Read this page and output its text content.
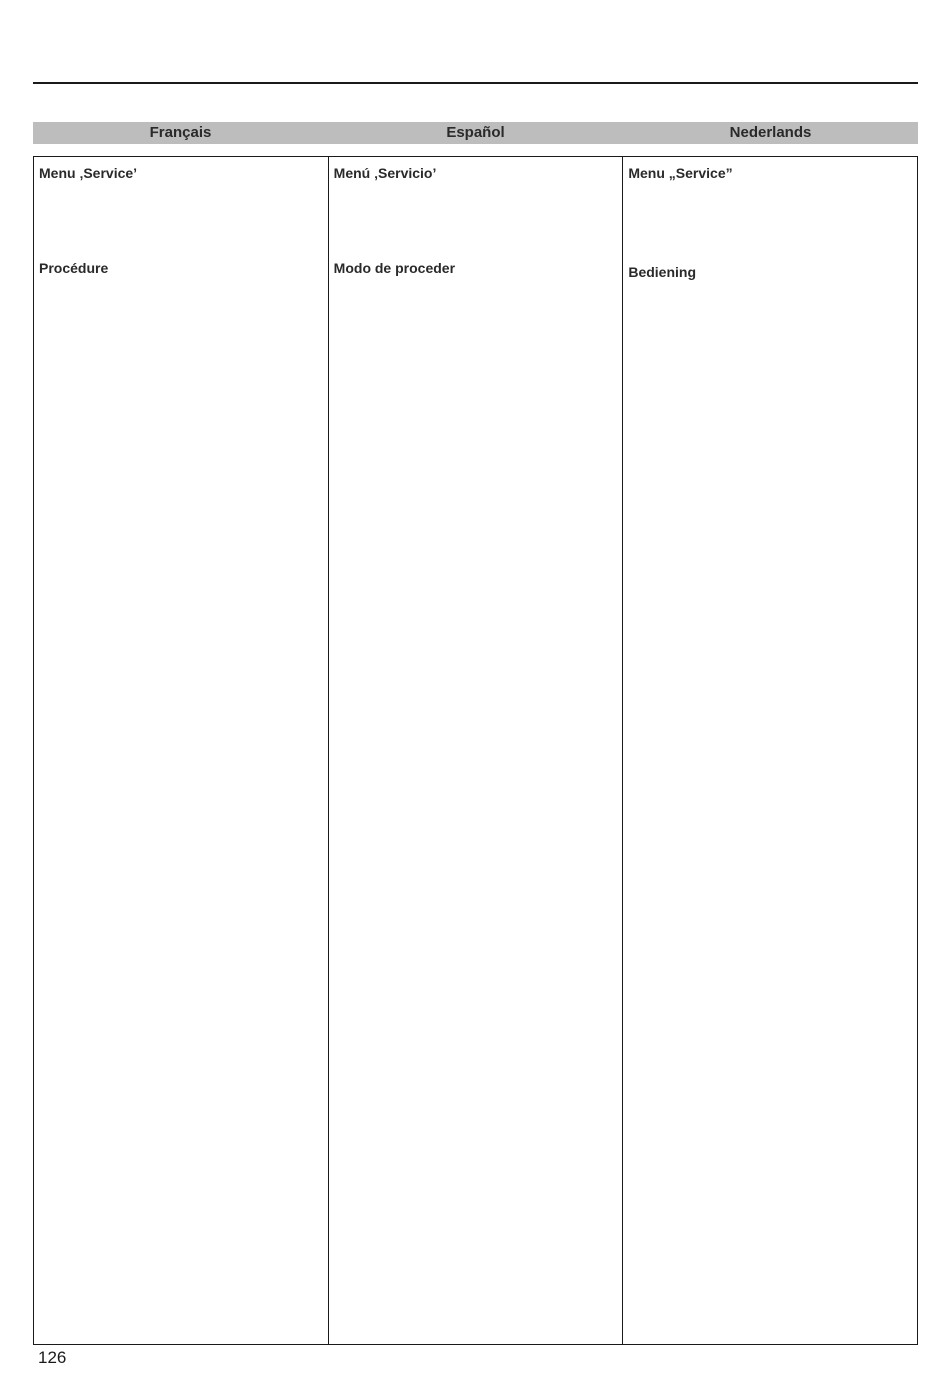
Français	Español	Nederlands
Menu ‚Service’
Procédure
Menú ‚Servicio’
Modo de proceder
Menu „Service”
Bediening
126
